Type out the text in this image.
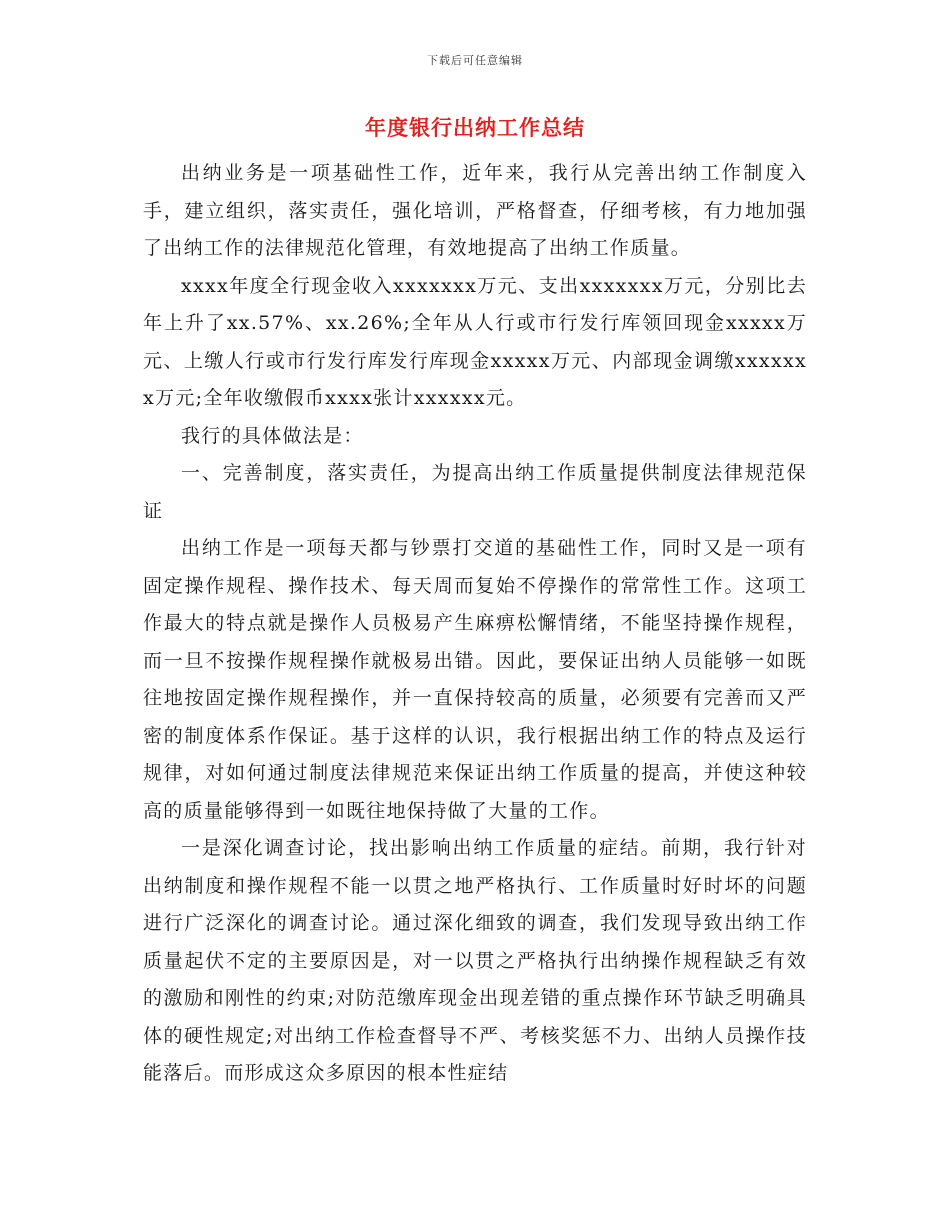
下载后可任意编辑
年度银行出纳工作总结

出纳业务是一项基础性工作，近年来，我行从完善出纳工作制度入手，建立组织，落实责任，强化培训，严格督查，仔细考核，有力地加强了出纳工作的法律规范化管理，有效地提高了出纳工作质量。

xxxx年度全行现金收入xxxxxxx万元、支出xxxxxxx万元，分别比去年上升了xx.57%、xx.26%;全年从人行或市行发行库领回现金xxxxx万元、上缴人行或市行发行库发行库现金xxxxx万元、内部现金调缴xxxxxxx万元;全年收缴假币xxxx张计xxxxxx元。

我行的具体做法是：

一、完善制度，落实责任，为提高出纳工作质量提供制度法律规范保证

出纳工作是一项每天都与钞票打交道的基础性工作，同时又是一项有固定操作规程、操作技术、每天周而复始不停操作的常常性工作。这项工作最大的特点就是操作人员极易产生麻痹松懈情绪，不能坚持操作规程，而一旦不按操作规程操作就极易出错。因此，要保证出纳人员能够一如既往地按固定操作规程操作，并一直保持较高的质量，必须要有完善而又严密的制度体系作保证。基于这样的认识，我行根据出纳工作的特点及运行规律，对如何通过制度法律规范来保证出纳工作质量的提高，并使这种较高的质量能够得到一如既往地保持做了大量的工作。

一是深化调查讨论，找出影响出纳工作质量的症结。前期，我行针对出纳制度和操作规程不能一以贯之地严格执行、工作质量时好时坏的问题进行广泛深化的调查讨论。通过深化细致的调查，我们发现导致出纳工作质量起伏不定的主要原因是，对一以贯之严格执行出纳操作规程缺乏有效的激励和刚性的约束;对防范缴库现金出现差错的重点操作环节缺乏明确具体的硬性规定;对出纳工作检查督导不严、考核奖惩不力、出纳人员操作技能落后。而形成这众多原因的根本性症结
